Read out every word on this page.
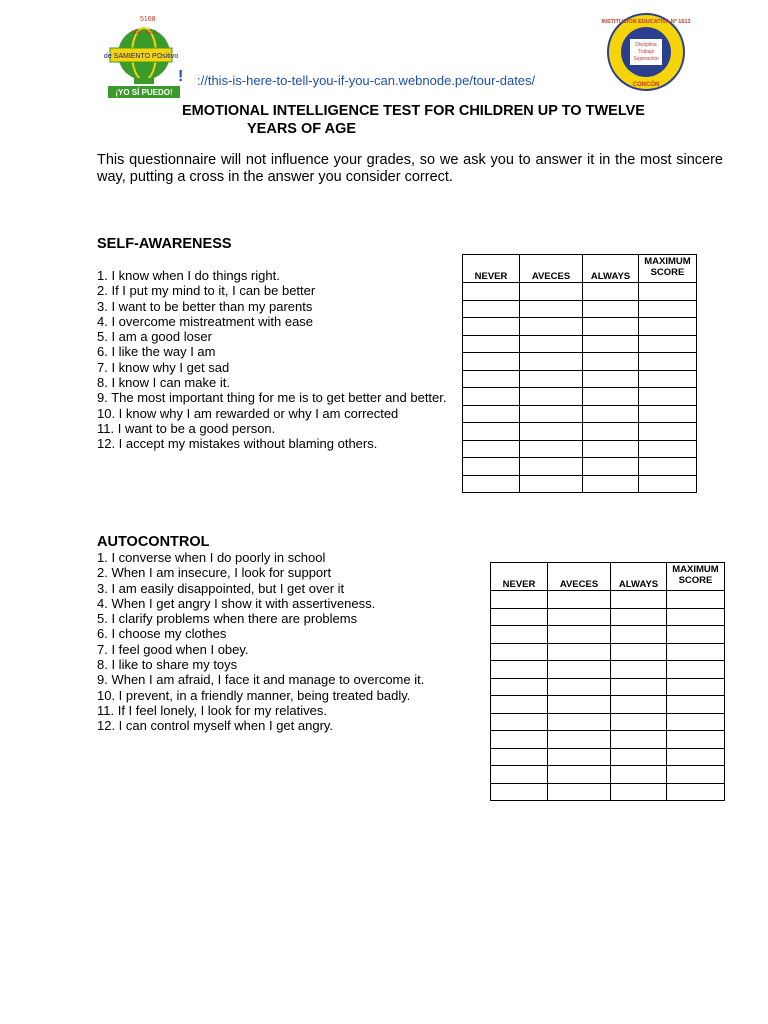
de SAMIENTO POsitivo
5168
LER · GEO
¡YO SÍ PUEDO!
! ://this-is-here-to-tell-you-if-you-can.webnode.pe/tour-dates/
Disciplina
Trabajo
Superación
INSTITUCIÓN EDUCATIVA Nº 1613
CONCÓN
EMOTIONAL INTELLIGENCE TEST FOR CHILDREN UP TO TWELVE
YEARS OF AGE
This questionnaire will not influence your grades, so we ask you to answer it in the most sincere way, putting a cross in the answer you consider correct.
SELF-AWARENESS
1. I know when I do things right.
2. If I put my mind to it, I can be better
3. I want to be better than my parents
4. I overcome mistreatment with ease
5. I am a good loser
6. I like the way I am
7. I know why I get sad
8. I know I can make it.
9. The most important thing for me is to get better and better.
10. I know why I am rewarded or why I am corrected
11. I want to be a good person.
12. I accept my mistakes without blaming others.
NEVER	AVECES	ALWAYS	MAXIMUM SCORE

AUTOCONTROL
1. I converse when I do poorly in school
2. When I am insecure, I look for support
3. I am easily disappointed, but I get over it
4. When I get angry I show it with assertiveness.
5. I clarify problems when there are problems
6. I choose my clothes
7. I feel good when I obey.
8. I like to share my toys
9. When I am afraid, I face it and manage to overcome it.
10. I prevent, in a friendly manner, being treated badly.
11. If I feel lonely, I look for my relatives.
12. I can control myself when I get angry.
NEVER	AVECES	ALWAYS	MAXIMUM SCORE
